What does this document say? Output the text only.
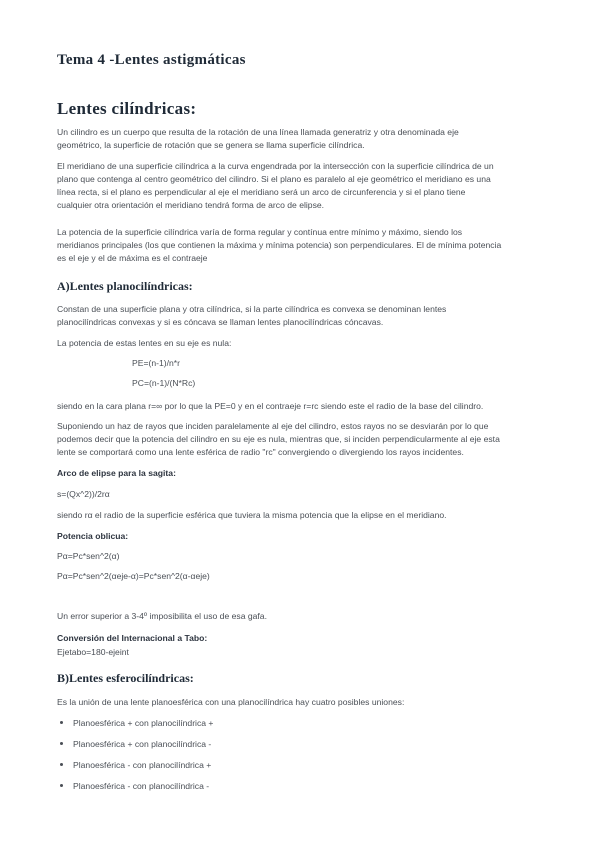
Tema 4 -Lentes astigmáticas
Lentes cilíndricas:

Un cilindro es un cuerpo que resulta de la rotación de una línea llamada generatriz y otra denominada eje geométrico, la superficie de rotación que se genera se llama superficie cilíndrica.

El meridiano de una superficie cilíndrica a la curva engendrada por la intersección con la superficie cilíndrica de un plano que contenga al centro geométrico del cilindro. Si el plano es paralelo al eje geométrico el meridiano es una línea recta, si el plano es perpendicular al eje el meridiano será un arco de circunferencia y si el plano tiene cualquier otra orientación el meridiano tendrá forma de arco de elipse.

La potencia de la superficie cilíndrica varía de forma regular y contínua entre mínimo y máximo, siendo los meridianos principales (los que contienen la máxima y mínima potencia) son perpendiculares. El de mínima potencia es el eje y el de máxima es el contraeje

A)Lentes planocilíndricas:

Constan de una superficie plana y otra cilíndrica, si la parte cilíndrica es convexa se denominan lentes planocilíndricas convexas y si es cóncava se llaman lentes planocilíndricas cóncavas.

La potencia de estas lentes en su eje es nula:

PE=(n-1)/n*r

PC=(n-1)/(N*Rc)

siendo en la cara plana r=∞ por lo que la PE=0 y en el contraeje r=rc siendo este el radio de la base del cilindro.

Suponiendo un haz de rayos que inciden paralelamente al eje del cilindro, estos rayos no se desviarán por lo que podemos decir que la potencia del cilindro en su eje es nula, mientras que, si inciden perpendicularmente al eje esta lente se comportará como una lente esférica de radio "rc" convergiendo o divergiendo los rayos incidentes.

Arco de elipse para la sagita:

s=(Qx^2))/2rα

siendo rα el radio de la superficie esférica que tuviera la misma potencia que la elipse en el meridiano.

Potencia oblicua:

Pα=Pc*sen^2(α)

Pα=Pc*sen^2(αeje-α)=Pc*sen^2(α-αeje)

Un error superior a 3-4º imposibilita el uso de esa gafa.

Conversión del Internacional a Tabo:

Ejetabo=180-ejeint

B)Lentes esferocilíndricas:

Es la unión de una lente planoesférica con una planocilíndrica hay cuatro posibles uniones:

Planoesférica + con planocilíndrica +

Planoesférica + con planocilíndrica -

Planoesférica - con planocilíndrica +

Planoesférica - con planocilíndrica -
